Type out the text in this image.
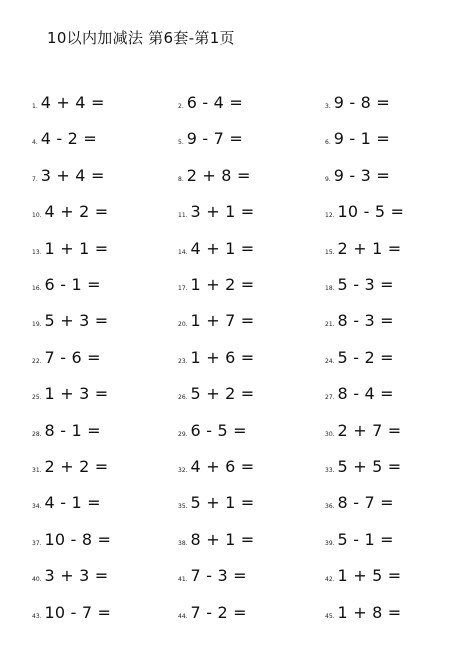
10以内加减法 第6套-第1页
1. 4 + 4 =	2. 6 - 4 =	3. 9 - 8 =
4. 4 - 2 =	5. 9 - 7 =	6. 9 - 1 =
7. 3 + 4 =	8. 2 + 8 =	9. 9 - 3 =
10. 4 + 2 =	11. 3 + 1 =	12. 10 - 5 =
13. 1 + 1 =	14. 4 + 1 =	15. 2 + 1 =
16. 6 - 1 =	17. 1 + 2 =	18. 5 - 3 =
19. 5 + 3 =	20. 1 + 7 =	21. 8 - 3 =
22. 7 - 6 =	23. 1 + 6 =	24. 5 - 2 =
25. 1 + 3 =	26. 5 + 2 =	27. 8 - 4 =
28. 8 - 1 =	29. 6 - 5 =	30. 2 + 7 =
31. 2 + 2 =	32. 4 + 6 =	33. 5 + 5 =
34. 4 - 1 =	35. 5 + 1 =	36. 8 - 7 =
37. 10 - 8 =	38. 8 + 1 =	39. 5 - 1 =
40. 3 + 3 =	41. 7 - 3 =	42. 1 + 5 =
43. 10 - 7 =	44. 7 - 2 =	45. 1 + 8 =
